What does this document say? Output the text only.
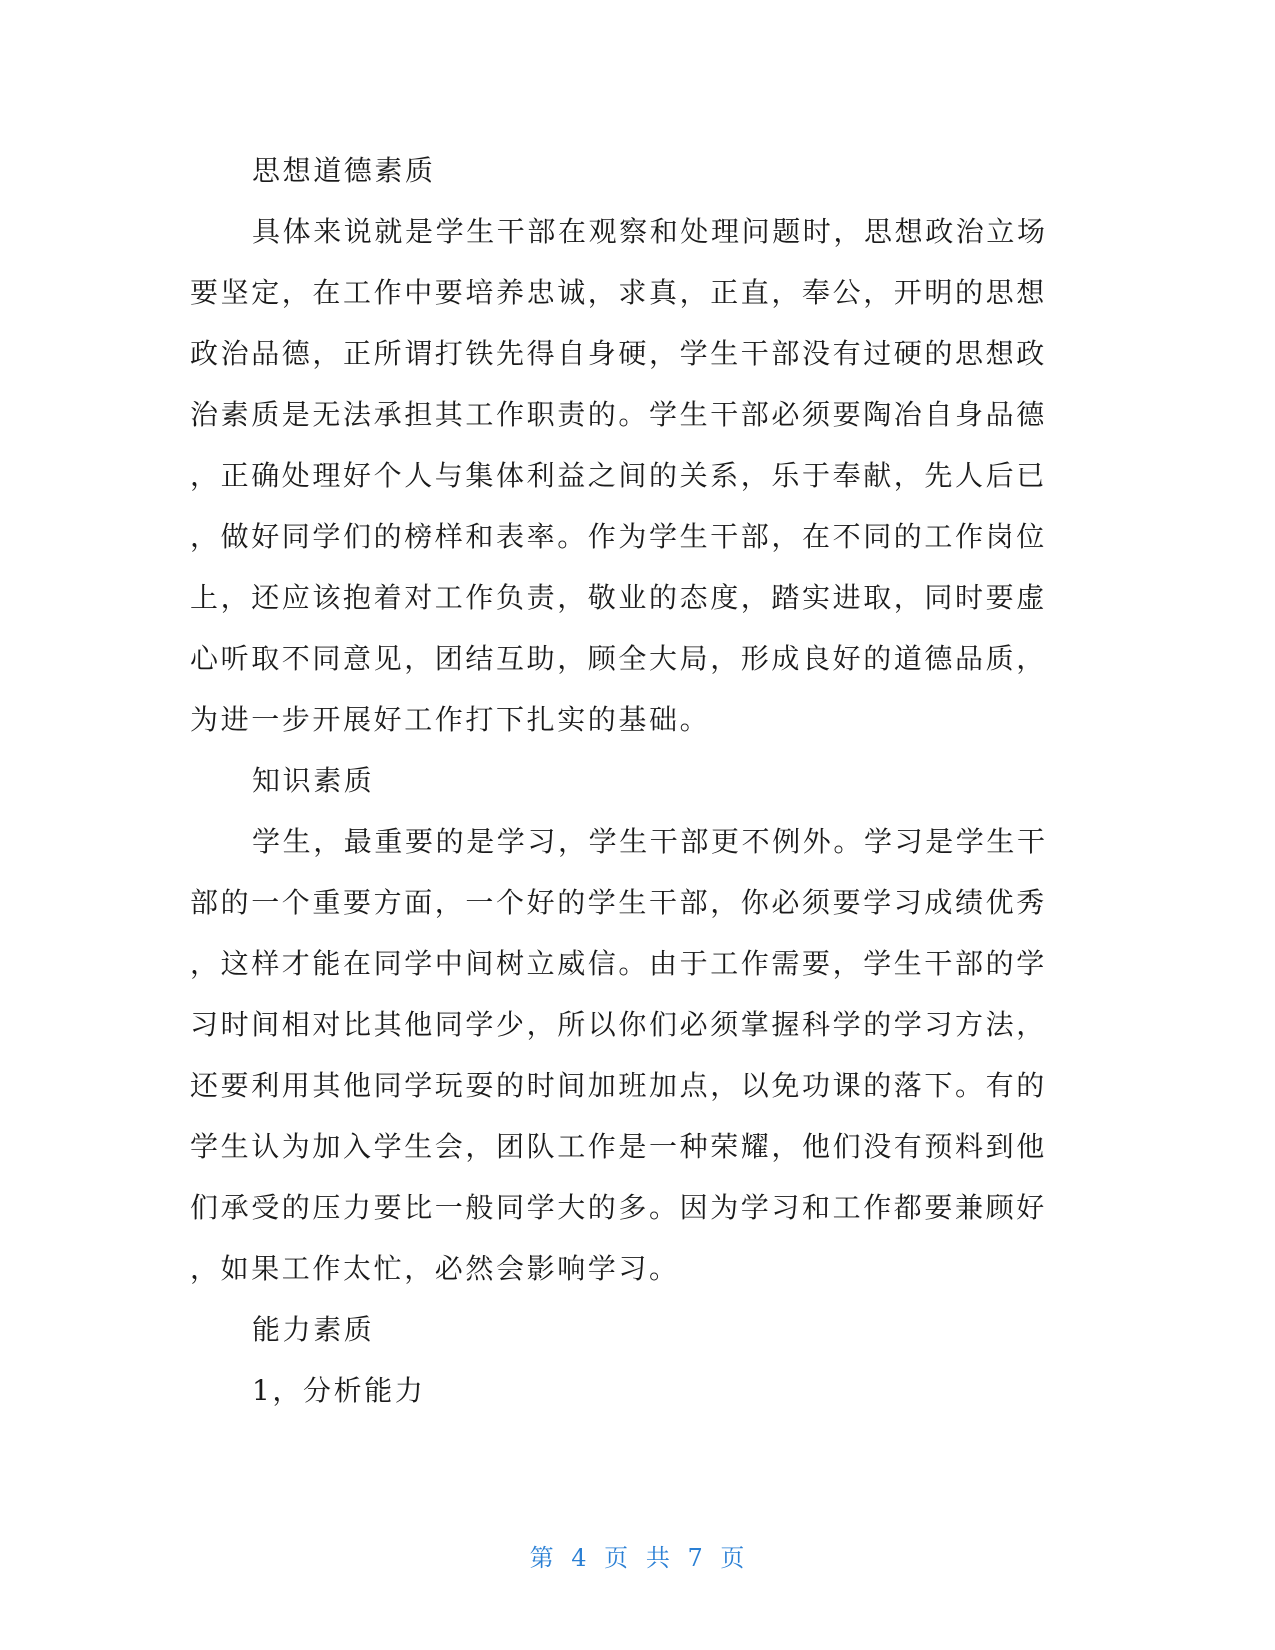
思想道德素质

具体来说就是学生干部在观察和处理问题时，思想政治立场

要坚定，在工作中要培养忠诚，求真，正直，奉公，开明的思想

政治品德，正所谓打铁先得自身硬，学生干部没有过硬的思想政

治素质是无法承担其工作职责的。学生干部必须要陶冶自身品德

，正确处理好个人与集体利益之间的关系，乐于奉献，先人后已

，做好同学们的榜样和表率。作为学生干部，在不同的工作岗位

上，还应该抱着对工作负责，敬业的态度，踏实进取，同时要虚

心听取不同意见，团结互助，顾全大局，形成良好的道德品质，

为进一步开展好工作打下扎实的基础。

知识素质

学生，最重要的是学习，学生干部更不例外。学习是学生干

部的一个重要方面，一个好的学生干部，你必须要学习成绩优秀

，这样才能在同学中间树立威信。由于工作需要，学生干部的学

习时间相对比其他同学少，所以你们必须掌握科学的学习方法，

还要利用其他同学玩耍的时间加班加点，以免功课的落下。有的

学生认为加入学生会，团队工作是一种荣耀，他们没有预料到他

们承受的压力要比一般同学大的多。因为学习和工作都要兼顾好

，如果工作太忙，必然会影响学习。

能力素质

1，分析能力

第 4 页 共 7 页
